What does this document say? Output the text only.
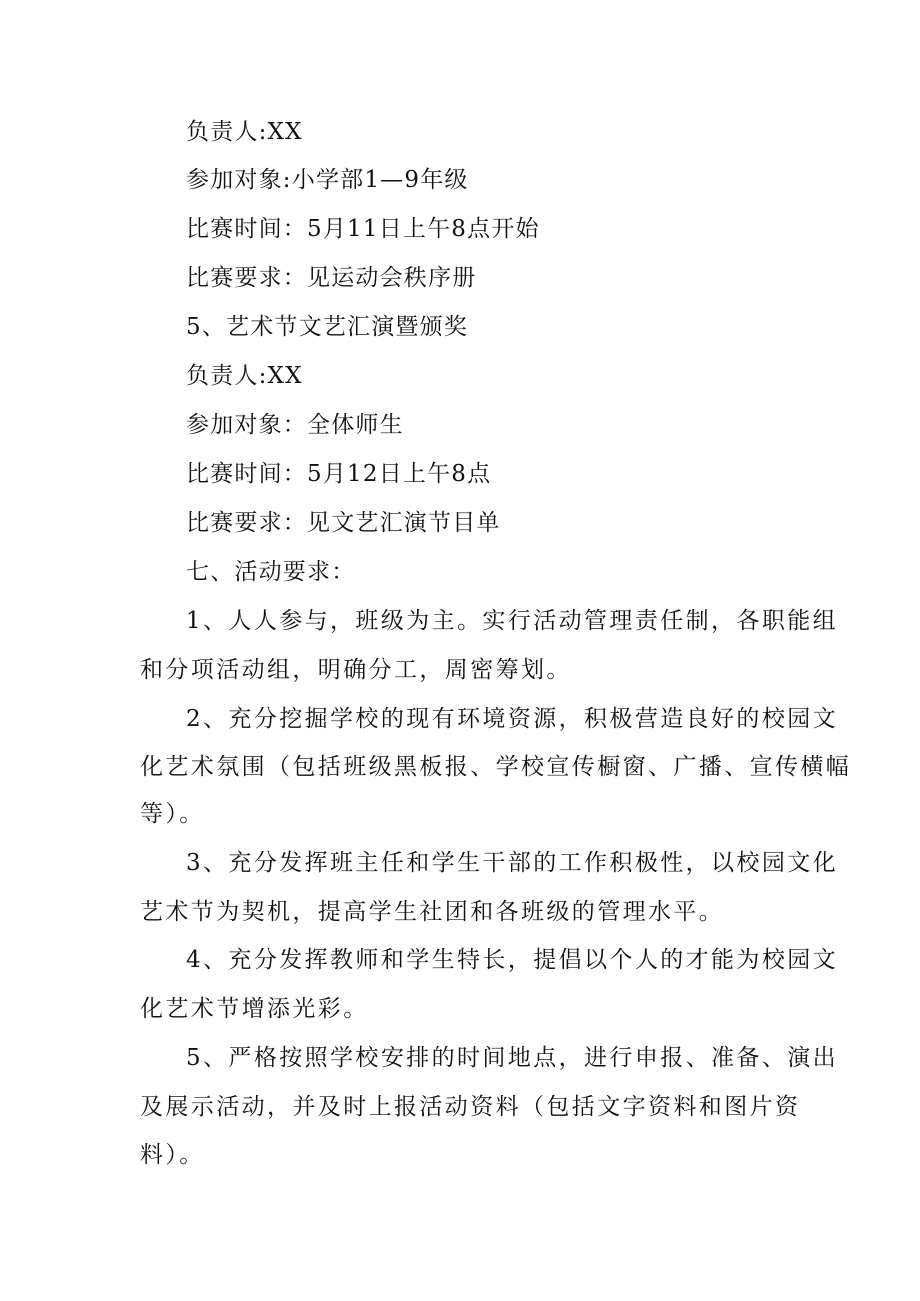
负责人:XX
参加对象:小学部1—9年级
比赛时间：5月11日上午8点开始
比赛要求：见运动会秩序册
5、艺术节文艺汇演暨颁奖
负责人:XX
参加对象：全体师生
比赛时间：5月12日上午8点
比赛要求：见文艺汇演节目单
七、活动要求：
1、人人参与，班级为主。实行活动管理责任制，各职能组
和分项活动组，明确分工，周密筹划。
2、充分挖掘学校的现有环境资源，积极营造良好的校园文
化艺术氛围（包括班级黑板报、学校宣传橱窗、广播、宣传横幅
等）。
3、充分发挥班主任和学生干部的工作积极性，以校园文化
艺术节为契机，提高学生社团和各班级的管理水平。
4、充分发挥教师和学生特长，提倡以个人的才能为校园文
化艺术节增添光彩。
5、严格按照学校安排的时间地点，进行申报、准备、演出
及展示活动，并及时上报活动资料（包括文字资料和图片资
料）。
